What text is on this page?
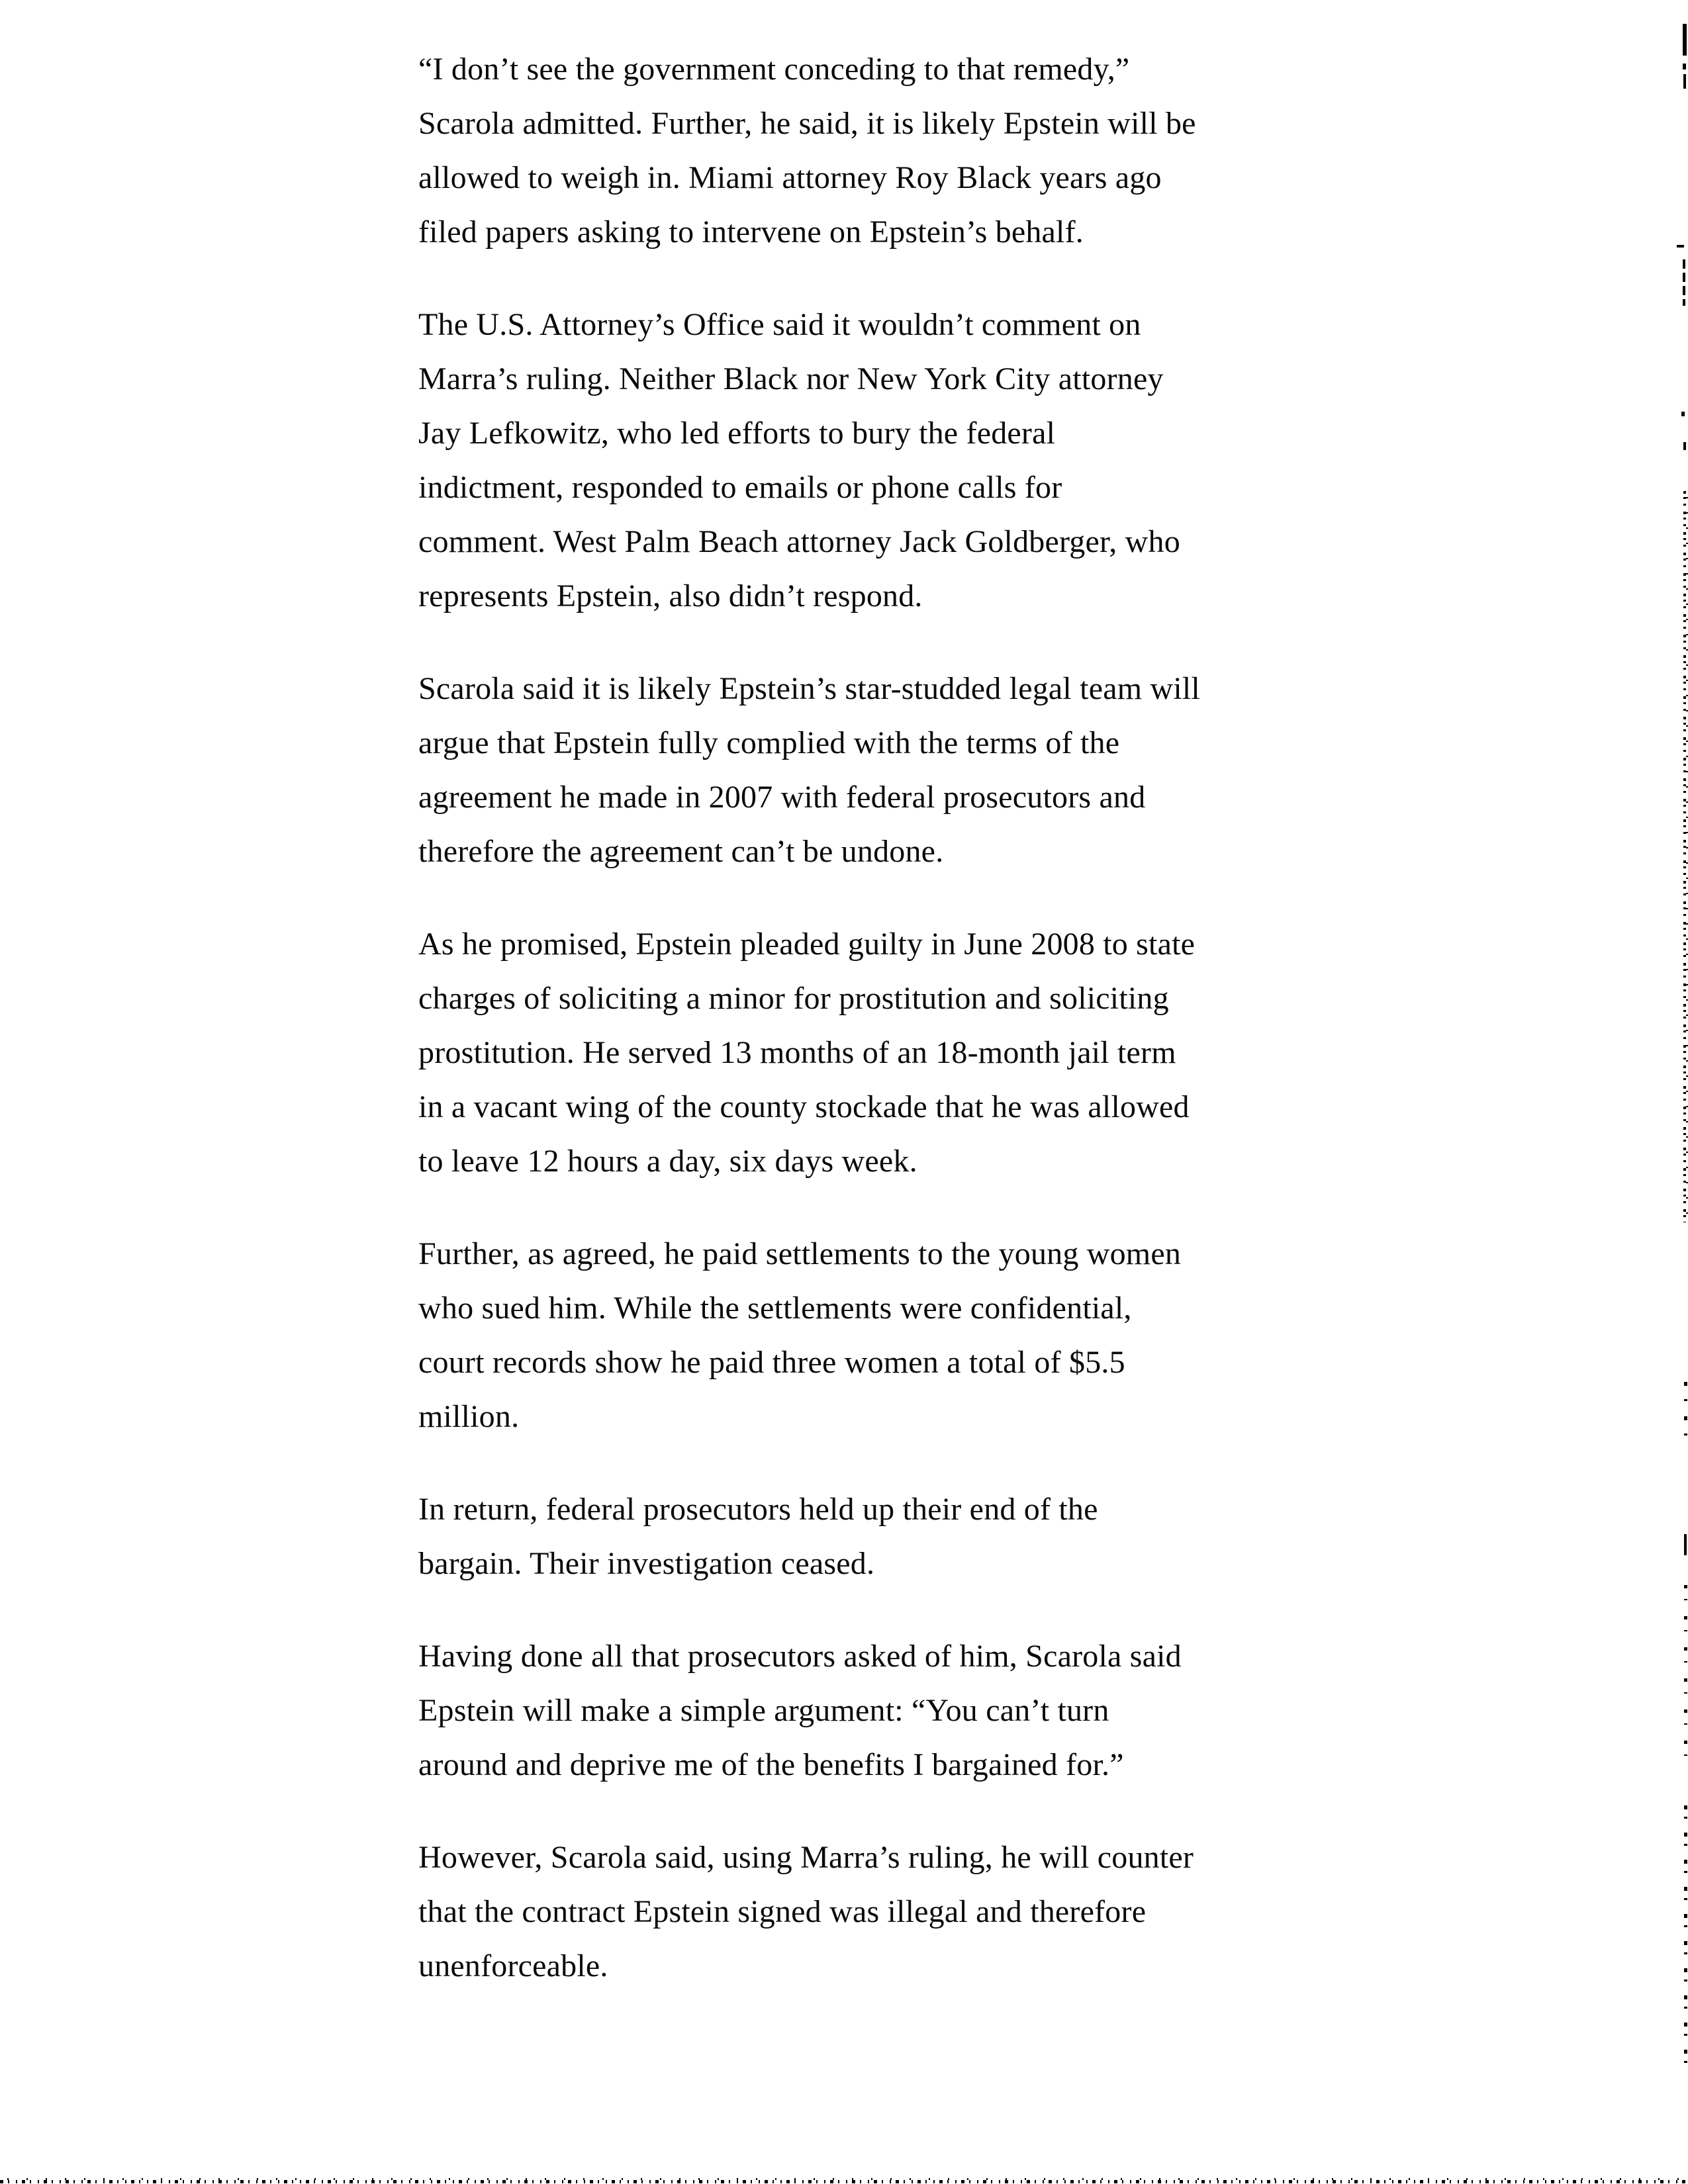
“I don’t see the government conceding to that remedy,”
Scarola admitted. Further, he said, it is likely Epstein will be
allowed to weigh in. Miami attorney Roy Black years ago
filed papers asking to intervene on Epstein’s behalf.

The U.S. Attorney’s Office said it wouldn’t comment on
Marra’s ruling. Neither Black nor New York City attorney
Jay Lefkowitz, who led efforts to bury the federal
indictment, responded to emails or phone calls for
comment. West Palm Beach attorney Jack Goldberger, who
represents Epstein, also didn’t respond.

Scarola said it is likely Epstein’s star-studded legal team will
argue that Epstein fully complied with the terms of the
agreement he made in 2007 with federal prosecutors and
therefore the agreement can’t be undone.

As he promised, Epstein pleaded guilty in June 2008 to state
charges of soliciting a minor for prostitution and soliciting
prostitution. He served 13 months of an 18-month jail term
in a vacant wing of the county stockade that he was allowed
to leave 12 hours a day, six days week.

Further, as agreed, he paid settlements to the young women
who sued him. While the settlements were confidential,
court records show he paid three women a total of $5.5
million.

In return, federal prosecutors held up their end of the
bargain. Their investigation ceased.

Having done all that prosecutors asked of him, Scarola said
Epstein will make a simple argument: “You can’t turn
around and deprive me of the benefits I bargained for.”

However, Scarola said, using Marra’s ruling, he will counter
that the contract Epstein signed was illegal and therefore
unenforceable.
